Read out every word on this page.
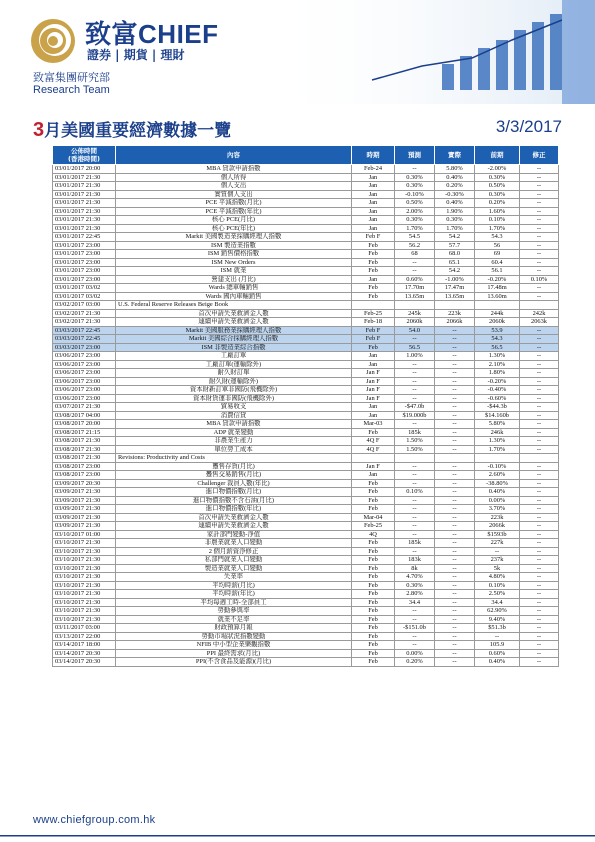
致富CHIEF
證券 | 期貨 | 理財
致富集團研究部
Research Team
3月美國重要經濟數據一覽	3/3/2017
公佈時間
(香港時間)	內容	時期	預測	實際	前期	修正
03/01/2017 20:00	MBA 貸款申請指數	Feb-24	--	5.80%	-2.00%	--
03/01/2017 21:30	個人所得	Jan	0.30%	0.40%	0.30%	--
03/01/2017 21:30	個人支出	Jan	0.30%	0.20%	0.50%	--
03/01/2017 21:30	實質個人支出	Jan	-0.10%	-0.30%	0.30%	--
03/01/2017 21:30	PCE 平減指數(月比)	Jan	0.50%	0.40%	0.20%	--
03/01/2017 21:30	PCE 平減指數(年比)	Jan	2.00%	1.90%	1.60%	--
03/01/2017 21:30	核心 PCE(月比)	Jan	0.30%	0.30%	0.10%	--
03/01/2017 21:30	核心 PCE(年比)	Jan	1.70%	1.70%	1.70%	--
03/01/2017 22:45	Markit 美國製造業採購經理人指數	Feb F	54.5	54.2	54.3	--
03/01/2017 23:00	ISM 製造業指數	Feb	56.2	57.7	56	--
03/01/2017 23:00	ISM 銷售價格指數	Feb	68	68.0	69	--
03/01/2017 23:00	ISM New Orders	Feb	--	65.1	60.4	--
03/01/2017 23:00	ISM 就業	Feb	--	54.2	56.1	--
03/01/2017 23:00	營建支出 (月比)	Jan	0.60%	-1.00%	-0.20%	0.10%
03/01/2017 03/02	Wards 總車輛銷售	Feb	17.70m	17.47m	17.48m	--
03/01/2017 03/02	Wards 國內車輛銷售	Feb	13.65m	13.65m	13.60m	--
03/02/2017 03:00	U.S. Federal Reserve Releases Beige Book					
03/02/2017 21:30	首次申請失業救濟金人數	Feb-25	245k	223k	244k	242k
03/02/2017 21:30	連續申請失業救濟金人數	Feb-18	2060k	2066k	2060k	2063k
03/03/2017 22:45	Markit 美國服務業採購經理人指數	Feb F	54.0	--	53.9	--
03/03/2017 22:45	Markit 美國綜合採購經理人指數	Feb F	--	--	54.3	--
03/03/2017 23:00	ISM 非製造業綜合指數	Feb	56.5	--	56.5	--
03/06/2017 23:00	工廠訂單	Jan	1.00%	--	1.30%	--
03/06/2017 23:00	工廠訂單(運輸除外)	Jan	--	--	2.10%	--
03/06/2017 23:00	耐久財訂單	Jan F	--	--	1.80%	--
03/06/2017 23:00	耐久財(運輸除外)	Jan F	--	--	-0.20%	--
03/06/2017 23:00	資本財新訂單非國防(飛機除外)	Jan F	--	--	-0.40%	--
03/06/2017 23:00	資本財貨運非國防(飛機除外)	Jan F	--	--	-0.60%	--
03/07/2017 21:30	貿易收支	Jan	-$47.0b	--	-$44.3b	--
03/08/2017 04:00	消費信貸	Jan	$19.000b	--	$14.160b	--
03/08/2017 20:00	MBA 貸款申請指數	Mar-03	--	--	5.80%	--
03/08/2017 21:15	ADP 就業變動	Feb	185k	--	246k	--
03/08/2017 21:30	非農業生產力	4Q F	1.50%	--	1.30%	--
03/08/2017 21:30	單位勞工成本	4Q F	1.50%	--	1.70%	--
03/08/2017 21:30	Revisions: Productivity and Costs					
03/08/2017 23:00	躉售存貨(月比)	Jan F	--	--	-0.10%	--
03/08/2017 23:00	躉售交易銷售(月比)	Jan	--	--	2.60%	--
03/09/2017 20:30	Challenger 裁員人數(年比)	Feb	--	--	-38.80%	--
03/09/2017 21:30	進口物價指數(月比)	Feb	0.10%	--	0.40%	--
03/09/2017 21:30	進口物價指數不含石油(月比)	Feb	--	--	0.00%	--
03/09/2017 21:30	進口物價指數(年比)	Feb	--	--	3.70%	--
03/09/2017 21:30	首次申請失業救濟金人數	Mar-04	--	--	223k	--
03/09/2017 21:30	連續申請失業救濟金人數	Feb-25	--	--	2066k	--
03/10/2017 01:00	家計部門變動-淨值	4Q	--	--	$1593b	--
03/10/2017 21:30	非農業就業人口變動	Feb	185k	--	227k	--
03/10/2017 21:30	2 個月薪資淨修正	Feb	--	--	--	--
03/10/2017 21:30	私部門就業人口變動	Feb	183k	--	237k	--
03/10/2017 21:30	製造業就業人口變動	Feb	8k	--	5k	--
03/10/2017 21:30	失業率	Feb	4.70%	--	4.80%	--
03/10/2017 21:30	平均時薪(月比)	Feb	0.30%	--	0.10%	--
03/10/2017 21:30	平均時薪(年比)	Feb	2.80%	--	2.50%	--
03/10/2017 21:30	平均每週工時-全部員工	Feb	34.4	--	34.4	--
03/10/2017 21:30	勞動參與率	Feb	--	--	62.90%	--
03/10/2017 21:30	就業不足率	Feb	--	--	9.40%	--
03/11/2017 03:00	財政預算月報	Feb	-$151.0b	--	$51.3b	--
03/13/2017 22:00	勞動市場狀況指數變動	Feb	--	--	--	--
03/14/2017 18:00	NFIB 中小型企業樂觀指數	Feb	--	--	105.9	--
03/14/2017 20:30	PPI 最終需求(月比)	Feb	0.00%	--	0.60%	--
03/14/2017 20:30	PPI(不含食品及能源)(月比)	Feb	0.20%	--	0.40%	--
www.chiefgroup.com.hk
